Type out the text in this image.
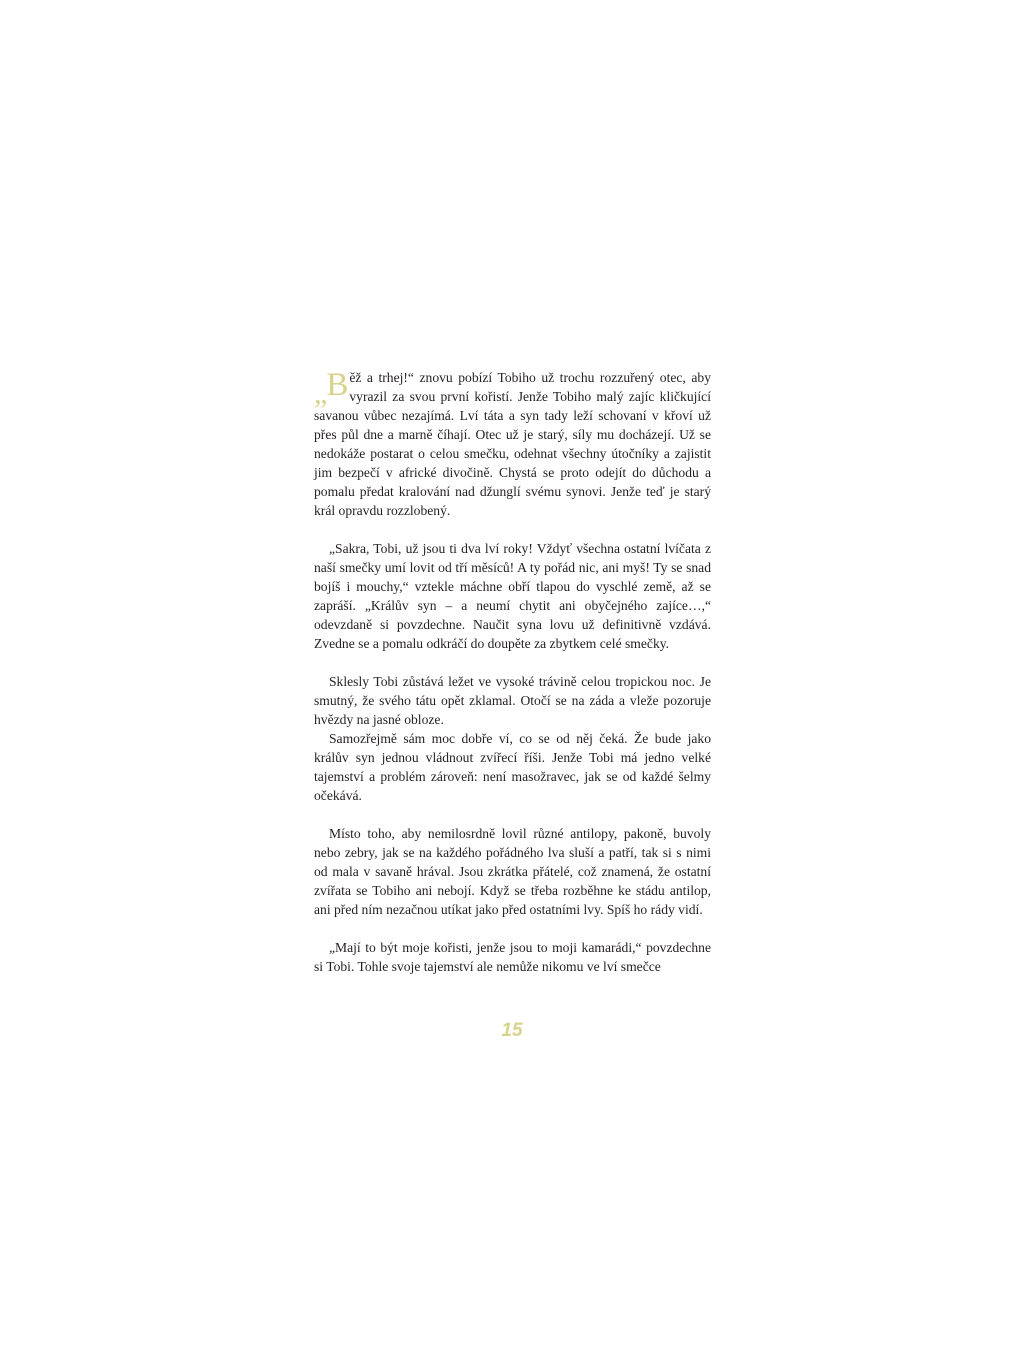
„B ěž a trhej!“ znovu pobízí Tobiho už trochu rozzuřený otec, aby vyrazil za svou první kořistí. Jenže Tobiho malý zajíc kličkující savanou vůbec nezajímá. Lví táta a syn tady leží schovaní v křoví už přes půl dne a marně číhají. Otec už je starý, síly mu docházejí. Už se nedokáže postarat o celou smečku, odehnat všechny útočníky a zajistit jim bezpečí v africké divočině. Chystá se proto odejít do důchodu a pomalu předat kralování nad džunglí svému synovi. Jenže teď je starý král opravdu rozzlobený.

„Sakra, Tobi, už jsou ti dva lví roky! Vždyť všechna ostatní lvíčata z naší smečky umí lovit od tří měsíců! A ty pořád nic, ani myš! Ty se snad bojíš i mouchy,“ vztekle máchne obří tlapou do vyschlé země, až se zapráší. „Králův syn – a neumí chytit ani obyčejného zajíce…,“ odevzdaně si povzdechne. Naučit syna lovu už definitivně vzdává. Zvedne se a pomalu odkráčí do doupěte za zbytkem celé smečky.

Sklesly Tobi zůstává ležet ve vysoké trávině celou tropickou noc. Je smutný, že svého tátu opět zklamal. Otočí se na záda a vleže pozoruje hvězdy na jasné obloze.

Samozřejmě sám moc dobře ví, co se od něj čeká. Že bude jako králův syn jednou vládnout zvířecí říši. Jenže Tobi má jedno velké tajemství a problém zároveň: není masožravec, jak se od každé šelmy očekává.

Místo toho, aby nemilosrdně lovil různé antilopy, pakoně, buvoly nebo zebry, jak se na každého pořádného lva sluší a patří, tak si s nimi od mala v savaně hrával. Jsou zkrátka přátelé, což znamená, že ostatní zvířata se Tobiho ani nebojí. Když se třeba rozběhne ke stádu antilop, ani před ním nezačnou utíkat jako před ostatními lvy. Spíš ho rády vidí.

„Mají to být moje kořisti, jenže jsou to moji kamarádi,“ povzdechne si Tobi. Tohle svoje tajemství ale nemůže nikomu ve lví smečce

15
